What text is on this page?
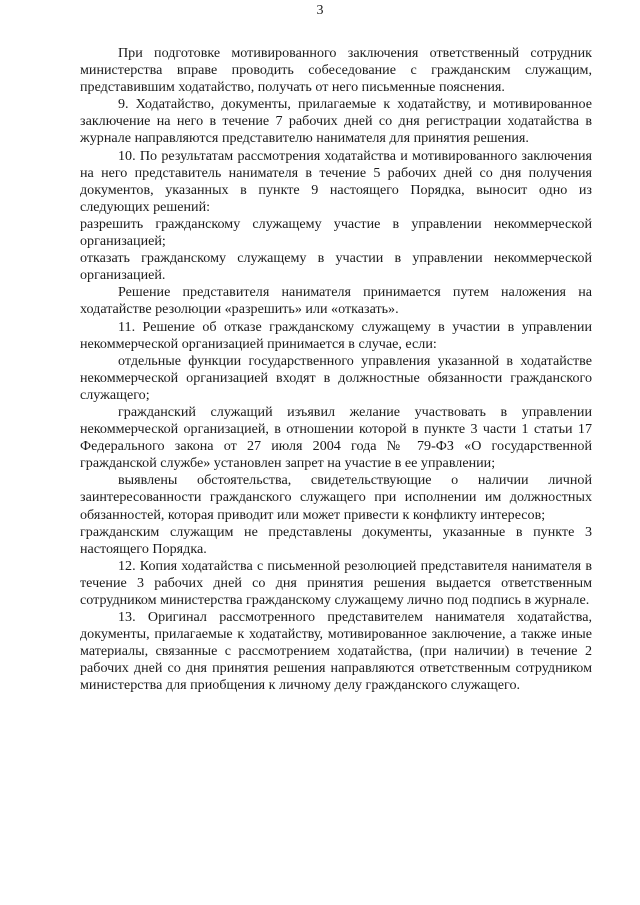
3

При подготовке мотивированного заключения ответственный сотрудник министерства вправе проводить собеседование с гражданским служащим, представившим ходатайство, получать от него письменные пояснения.

9. Ходатайство, документы, прилагаемые к ходатайству, и мотивированное заключение на него в течение 7 рабочих дней со дня регистрации ходатайства в журнале направляются представителю нанимателя для принятия решения.

10. По результатам рассмотрения ходатайства и мотивированного заключения на него представитель нанимателя в течение 5 рабочих дней со дня получения документов, указанных в пункте 9 настоящего Порядка, выносит одно из следующих решений:

разрешить гражданскому служащему участие в управлении некоммерческой организацией;

отказать гражданскому служащему в участии в управлении некоммерческой организацией.

Решение представителя нанимателя принимается путем наложения на ходатайстве резолюции «разрешить» или «отказать».

11. Решение об отказе гражданскому служащему в участии в управлении некоммерческой организацией принимается в случае, если:

отдельные функции государственного управления указанной в ходатайстве некоммерческой организацией входят в должностные обязанности гражданского служащего;

гражданский служащий изъявил желание участвовать в управлении некоммерческой организацией, в отношении которой в пункте 3 части 1 статьи 17 Федерального закона от 27 июля 2004 года № 79-ФЗ «О государственной гражданской службе» установлен запрет на участие в ее управлении;

выявлены обстоятельства, свидетельствующие о наличии личной заинтересованности гражданского служащего при исполнении им должностных обязанностей, которая приводит или может привести к конфликту интересов;

гражданским служащим не представлены документы, указанные в пункте 3 настоящего Порядка.

12. Копия ходатайства с письменной резолюцией представителя нанимателя в течение 3 рабочих дней со дня принятия решения выдается ответственным сотрудником министерства гражданскому служащему лично под подпись в журнале.

13. Оригинал рассмотренного представителем нанимателя ходатайства, документы, прилагаемые к ходатайству, мотивированное заключение, а также иные материалы, связанные с рассмотрением ходатайства, (при наличии) в течение 2 рабочих дней со дня принятия решения направляются ответственным сотрудником министерства для приобщения к личному делу гражданского служащего.
